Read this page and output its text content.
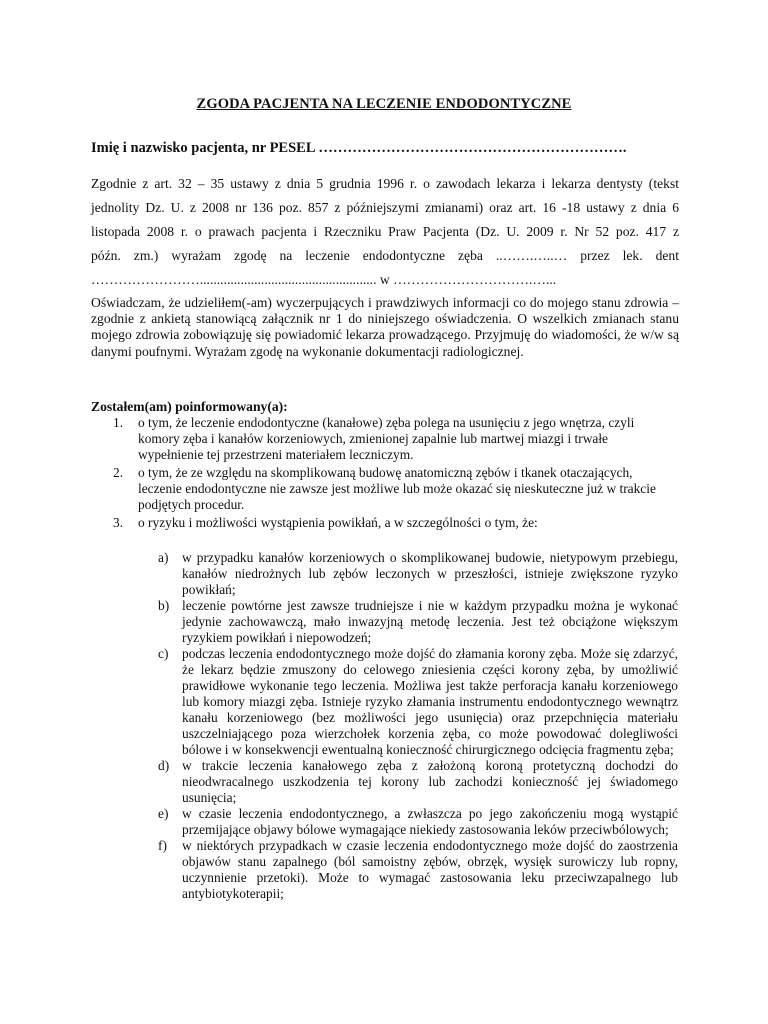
ZGODA PACJENTA NA LECZENIE ENDODONTYCZNE
Imię i nazwisko pacjenta, nr PESEL ……………………………………………………….
Zgodnie z art. 32 – 35 ustawy z dnia 5 grudnia 1996 r. o zawodach lekarza i lekarza dentysty (tekst
jednolity Dz. U. z 2008 nr 136 poz. 857 z późniejszymi zmianami) oraz art. 16 -18 ustawy z dnia 6
listopada 2008 r. o prawach pacjenta i Rzeczniku Praw Pacjenta (Dz. U. 2009 r. Nr 52 poz. 417 z
późn. zm.) wyrażam zgodę na leczenie endodontyczne zęba ..…….…..… przez lek. dent
…………………….................................................... w ………………………….…...
Oświadczam, że udzieliłem(-am) wyczerpujących i prawdziwych informacji co do mojego stanu zdrowia – zgodnie z ankietą stanowiącą załącznik nr 1 do niniejszego oświadczenia. O wszelkich zmianach stanu mojego zdrowia zobowiązuję się powiadomić lekarza prowadzącego. Przyjmuję do wiadomości, że w/w są danymi poufnymi. Wyrażam zgodę na wykonanie dokumentacji radiologicznej.
Zostałem(am) poinformowany(a):
1. o tym, że leczenie endodontyczne (kanałowe) zęba polega na usunięciu z jego wnętrza, czyli komory zęba i kanałów korzeniowych, zmienionej zapalnie lub martwej miazgi i trwałe wypełnienie tej przestrzeni materiałem leczniczym.
2. o tym, że ze względu na skomplikowaną budowę anatomiczną zębów i tkanek otaczających, leczenie endodontyczne nie zawsze jest możliwe lub może okazać się nieskuteczne już w trakcie podjętych procedur.
3. o ryzyku i możliwości wystąpienia powikłań, a w szczególności o tym, że:
a) w przypadku kanałów korzeniowych o skomplikowanej budowie, nietypowym przebiegu, kanałów niedrożnych lub zębów leczonych w przeszłości, istnieje zwiększone ryzyko powikłań;
b) leczenie powtórne jest zawsze trudniejsze i nie w każdym przypadku można je wykonać jedynie zachowawczą, mało inwazyjną metodę leczenia. Jest też obciążone większym ryzykiem powikłań i niepowodzeń;
c) podczas leczenia endodontycznego może dojść do złamania korony zęba. Może się zdarzyć, że lekarz będzie zmuszony do celowego zniesienia części korony zęba, by umożliwić prawidłowe wykonanie tego leczenia. Możliwa jest także perforacja kanału korzeniowego lub komory miazgi zęba. Istnieje ryzyko złamania instrumentu endodontycznego wewnątrz kanału korzeniowego (bez możliwości jego usunięcia) oraz przepchnięcia materiału uszczelniającego poza wierzchołek korzenia zęba, co może powodować dolegliwości bólowe i w konsekwencji ewentualną konieczność chirurgicznego odcięcia fragmentu zęba;
d) w trakcie leczenia kanałowego zęba z założoną koroną protetyczną dochodzi do nieodwracalnego uszkodzenia tej korony lub zachodzi konieczność jej świadomego usunięcia;
e) w czasie leczenia endodontycznego, a zwłaszcza po jego zakończeniu mogą wystąpić przemijające objawy bólowe wymagające niekiedy zastosowania leków przeciwbólowych;
f) w niektórych przypadkach w czasie leczenia endodontycznego może dojść do zaostrzenia objawów stanu zapalnego (ból samoistny zębów, obrzęk, wysięk surowiczy lub ropny, uczynnienie przetoki). Może to wymagać zastosowania leku przeciwzapalnego lub antybiotykoterapii;
